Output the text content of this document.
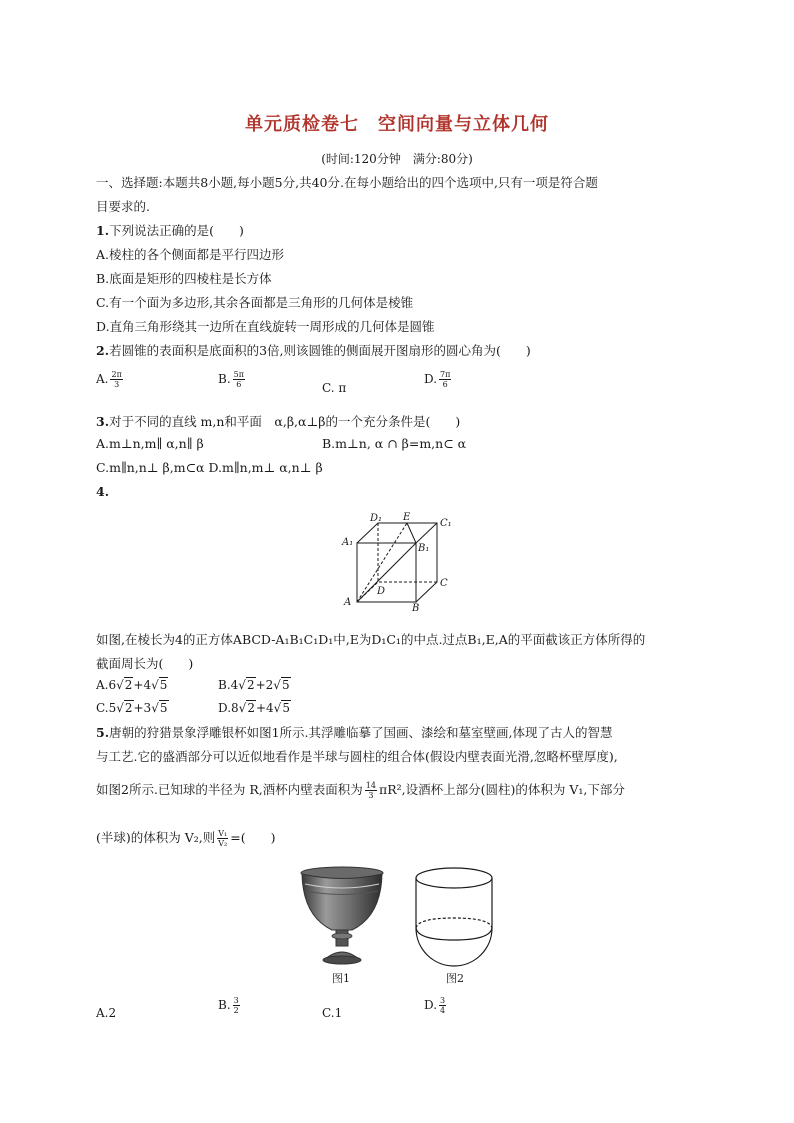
单元质检卷七　空间向量与立体几何
(时间:120分钟　满分:80分)
一、选择题:本题共8小题,每小题5分,共40分.在每小题给出的四个选项中,只有一项是符合题
目要求的.
1.下列说法正确的是(　　)
A.棱柱的各个侧面都是平行四边形
B.底面是矩形的四棱柱是长方体
C.有一个面为多边形,其余各面都是三角形的几何体是棱锥
D.直角三角形绕其一边所在直线旋转一周形成的几何体是圆锥
2.若圆锥的表面积是底面积的3倍,则该圆锥的侧面展开图扇形的圆心角为(　　)
A. $\frac{2\pi}{3}$	B. $\frac{5\pi}{6}$	C. π
D. $\frac{7\pi}{6}$
3.对于不同的直线 m,n和平面　α,β,α⊥β的一个充分条件是(　　)
A.m⊥n,m∥ α,n∥ β	B.m⊥n, α ∩ β=m,n⊂ α
C.m∥n,n⊥ β,m⊂α D.m∥n,m⊥ α,n⊥ β
4.
D₁ E
C₁
A₁
B₁
A
D
C
B
如图,在棱长为4的正方体ABCD-A₁B₁C₁D₁中,E为D₁C₁的中点.过点B₁,E,A的平面截该正方体所得的
截面周长为(　　)
A.6√2+4√5	B.4√2+2√5
C.5√2+3√5	D.8√2+4√5
5.唐朝的狩猎景象浮雕银杯如图1所示.其浮雕临摹了国画、漆绘和墓室壁画,体现了古人的智慧
与工艺.它的盛酒部分可以近似地看作是半球与圆柱的组合体(假设内壁表面光滑,忽略杯壁厚度),
如图2所示.已知球的半径为 R,酒杯内壁表面积为 $\frac{14}{3} \pi R^2$,设酒杯上部分(圆柱)的体积为 V₁,下部分
(半球)的体积为 V₂,则 $\frac{\text{V₁}}{\text{V₂}}$ =(　　)
图1	图2
A.2
B. $\frac{3}{2}$	C.1
D. $\frac{3}{4}$
